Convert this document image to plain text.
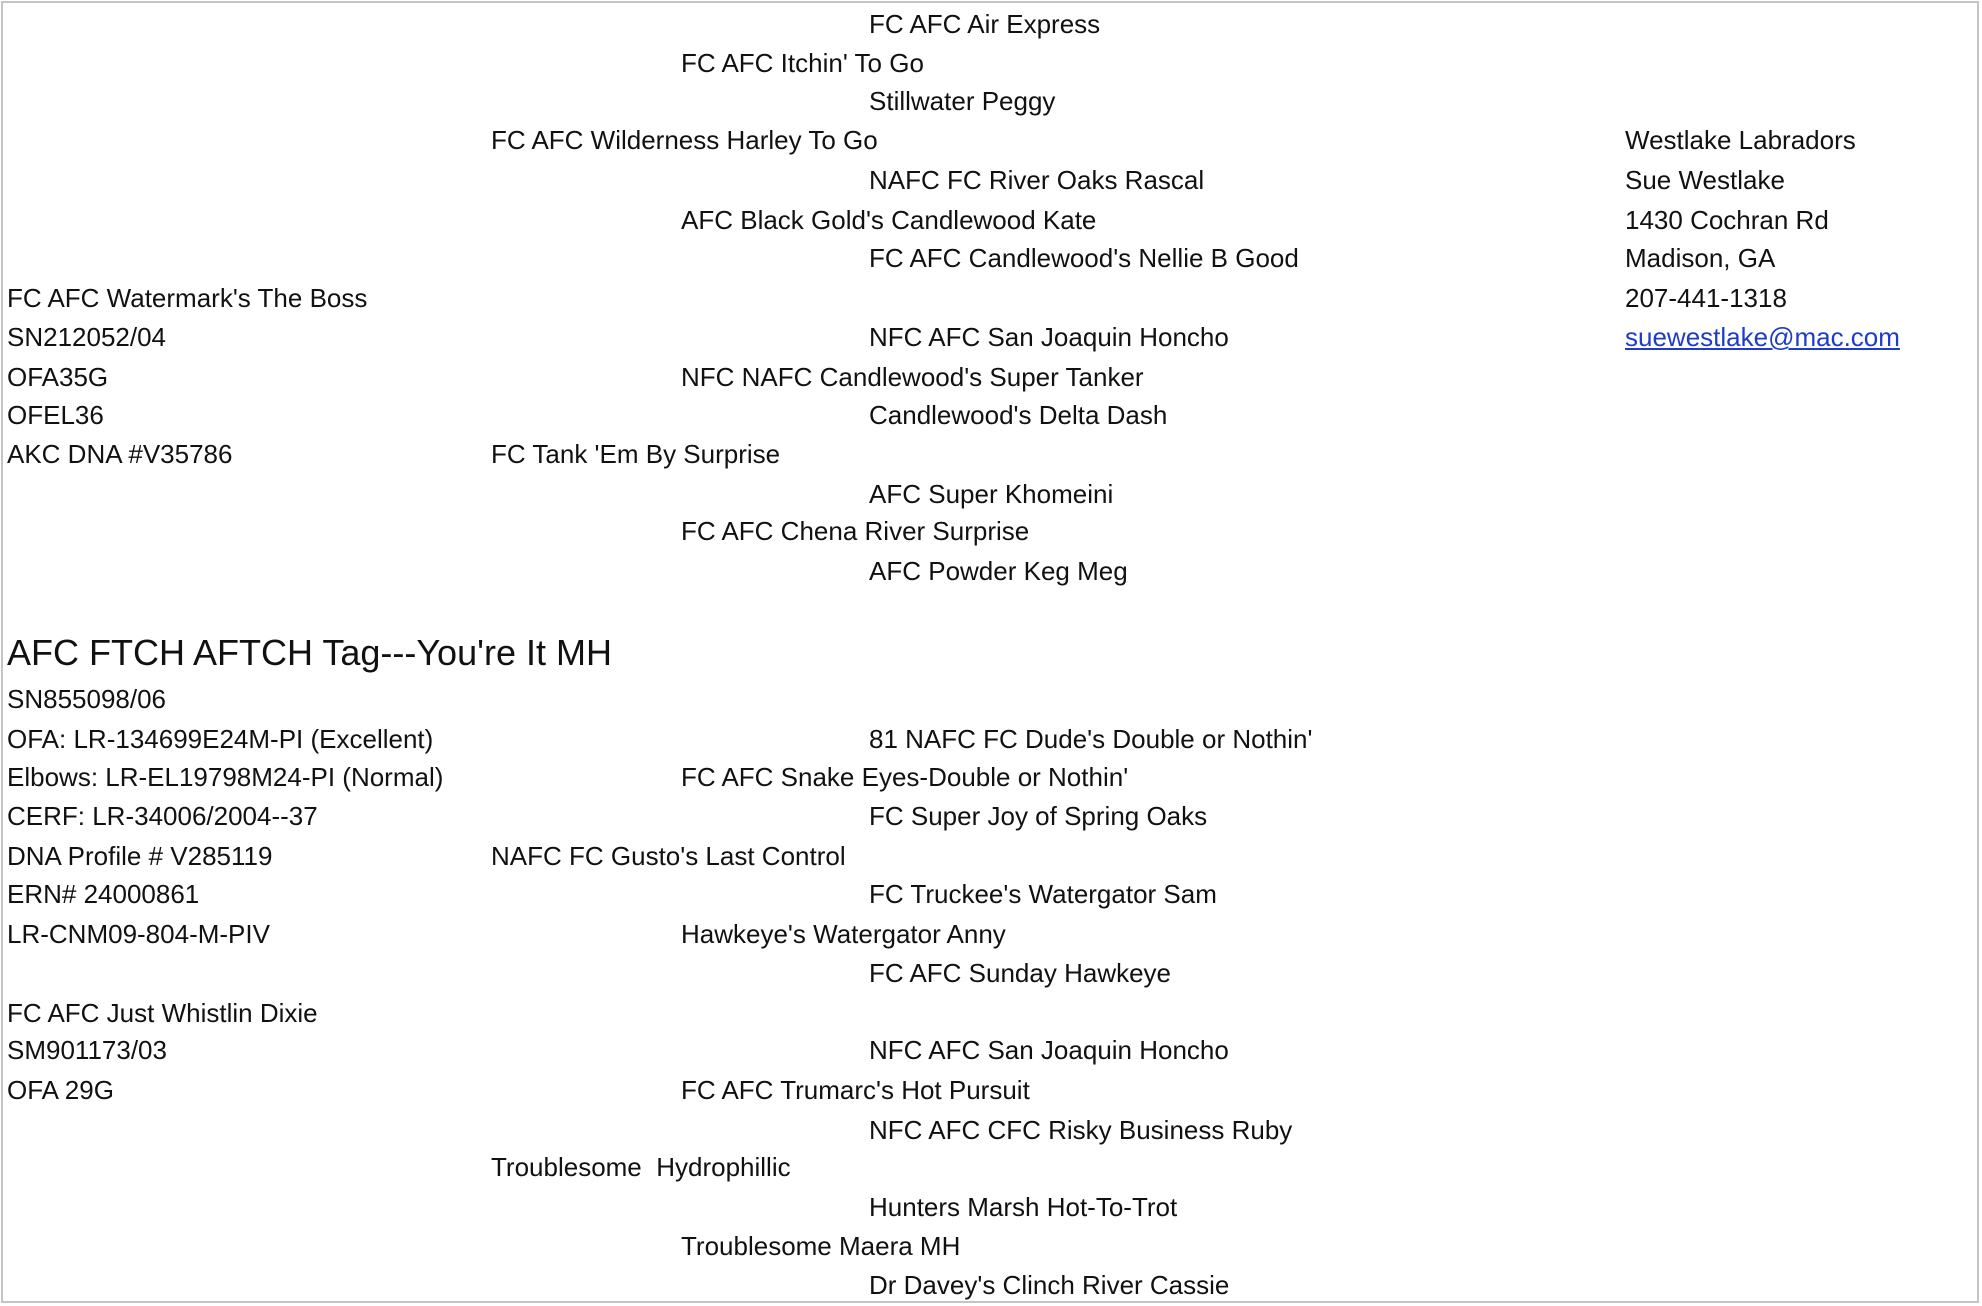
FC AFC Air Express
FC AFC Itchin' To Go
Stillwater Peggy
FC AFC Wilderness Harley To Go
NAFC FC River Oaks Rascal
AFC Black Gold's Candlewood Kate
FC AFC Candlewood's Nellie B Good
FC AFC Watermark's The Boss
SN212052/04
OFA35G
OFEL36
AKC DNA #V35786
NFC AFC San Joaquin Honcho
NFC NAFC Candlewood's Super Tanker
Candlewood's Delta Dash
FC Tank 'Em By Surprise
AFC Super Khomeini
FC AFC Chena River Surprise
AFC Powder Keg Meg
Westlake Labradors
Sue Westlake
1430 Cochran Rd
Madison, GA
207-441-1318
suewestlake@mac.com
AFC FTCH AFTCH Tag---You're It MH
SN855098/06
OFA: LR-134699E24M-PI (Excellent)
Elbows: LR-EL19798M24-PI (Normal)
CERF: LR-34006/2004--37
DNA Profile # V285119
ERN# 24000861
LR-CNM09-804-M-PIV
81 NAFC FC Dude's Double or Nothin'
FC AFC Snake Eyes-Double or Nothin'
FC Super Joy of Spring Oaks
NAFC FC Gusto's Last Control
FC Truckee's Watergator Sam
Hawkeye's Watergator Anny
FC AFC Sunday Hawkeye
FC AFC Just Whistlin Dixie
SM901173/03
OFA 29G
NFC AFC San Joaquin Honcho
FC AFC Trumarc's Hot Pursuit
NFC AFC CFC Risky Business Ruby
Troublesome  Hydrophillic
Hunters Marsh Hot-To-Trot
Troublesome Maera MH
Dr Davey's Clinch River Cassie
